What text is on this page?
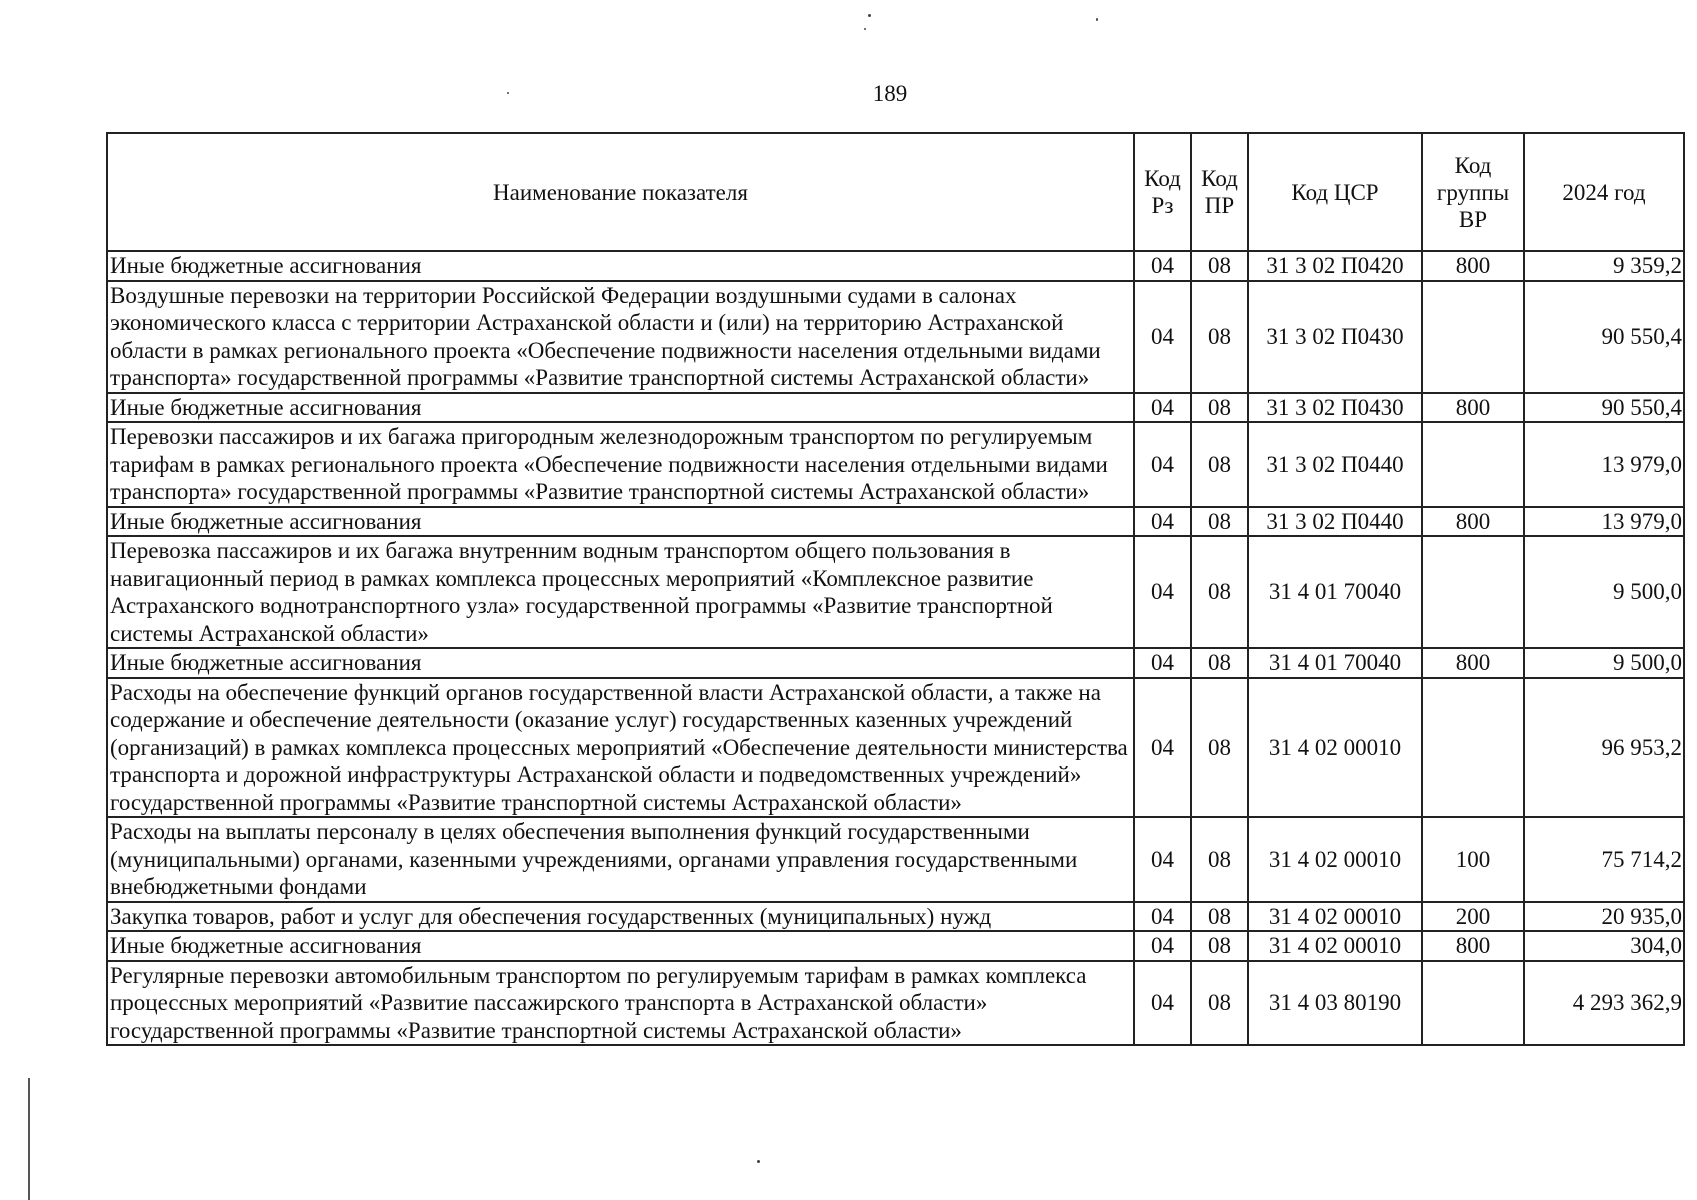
189
Наименование показателя	Код Рз	Код ПР	Код ЦСР	Код группы ВР	2024 год
Иные бюджетные ассигнования	04	08	31 3 02 П0420	800	9 359,2
Воздушные перевозки на территории Российской Федерации воздушными судами в салонах экономического класса с территории Астраханской области и (или) на территорию Астраханской области в рамках регионального проекта «Обеспечение подвижности населения отдельными видами транспорта» государственной программы «Развитие транспортной системы Астраханской области»	04	08	31 3 02 П0430		90 550,4
Иные бюджетные ассигнования	04	08	31 3 02 П0430	800	90 550,4
Перевозки пассажиров и их багажа пригородным железнодорожным транспортом по регулируемым тарифам в рамках регионального проекта «Обеспечение подвижности населения отдельными видами транспорта» государственной программы «Развитие транспортной системы Астраханской области»	04	08	31 3 02 П0440		13 979,0
Иные бюджетные ассигнования	04	08	31 3 02 П0440	800	13 979,0
Перевозка пассажиров и их багажа внутренним водным транспортом общего пользования в навигационный период в рамках комплекса процессных мероприятий «Комплексное развитие Астраханского воднотранспортного узла» государственной программы «Развитие транспортной системы Астраханской области»	04	08	31 4 01 70040		9 500,0
Иные бюджетные ассигнования	04	08	31 4 01 70040	800	9 500,0
Расходы на обеспечение функций органов государственной власти Астраханской области, а также на содержание и обеспечение деятельности (оказание услуг) государственных казенных учреждений (организаций) в рамках комплекса процессных мероприятий «Обеспечение деятельности министерства транспорта и дорожной инфраструктуры Астраханской области и подведомственных учреждений» государственной программы «Развитие транспортной системы Астраханской области»	04	08	31 4 02 00010		96 953,2
Расходы на выплаты персоналу в целях обеспечения выполнения функций государственными (муниципальными) органами, казенными учреждениями, органами управления государственными внебюджетными фондами	04	08	31 4 02 00010	100	75 714,2
Закупка товаров, работ и услуг для обеспечения государственных (муниципальных) нужд	04	08	31 4 02 00010	200	20 935,0
Иные бюджетные ассигнования	04	08	31 4 02 00010	800	304,0
Регулярные перевозки автомобильным транспортом по регулируемым тарифам в рамках комплекса процессных мероприятий «Развитие пассажирского транспорта в Астраханской области» государственной программы «Развитие транспортной системы Астраханской области»	04	08	31 4 03 80190		4 293 362,9
